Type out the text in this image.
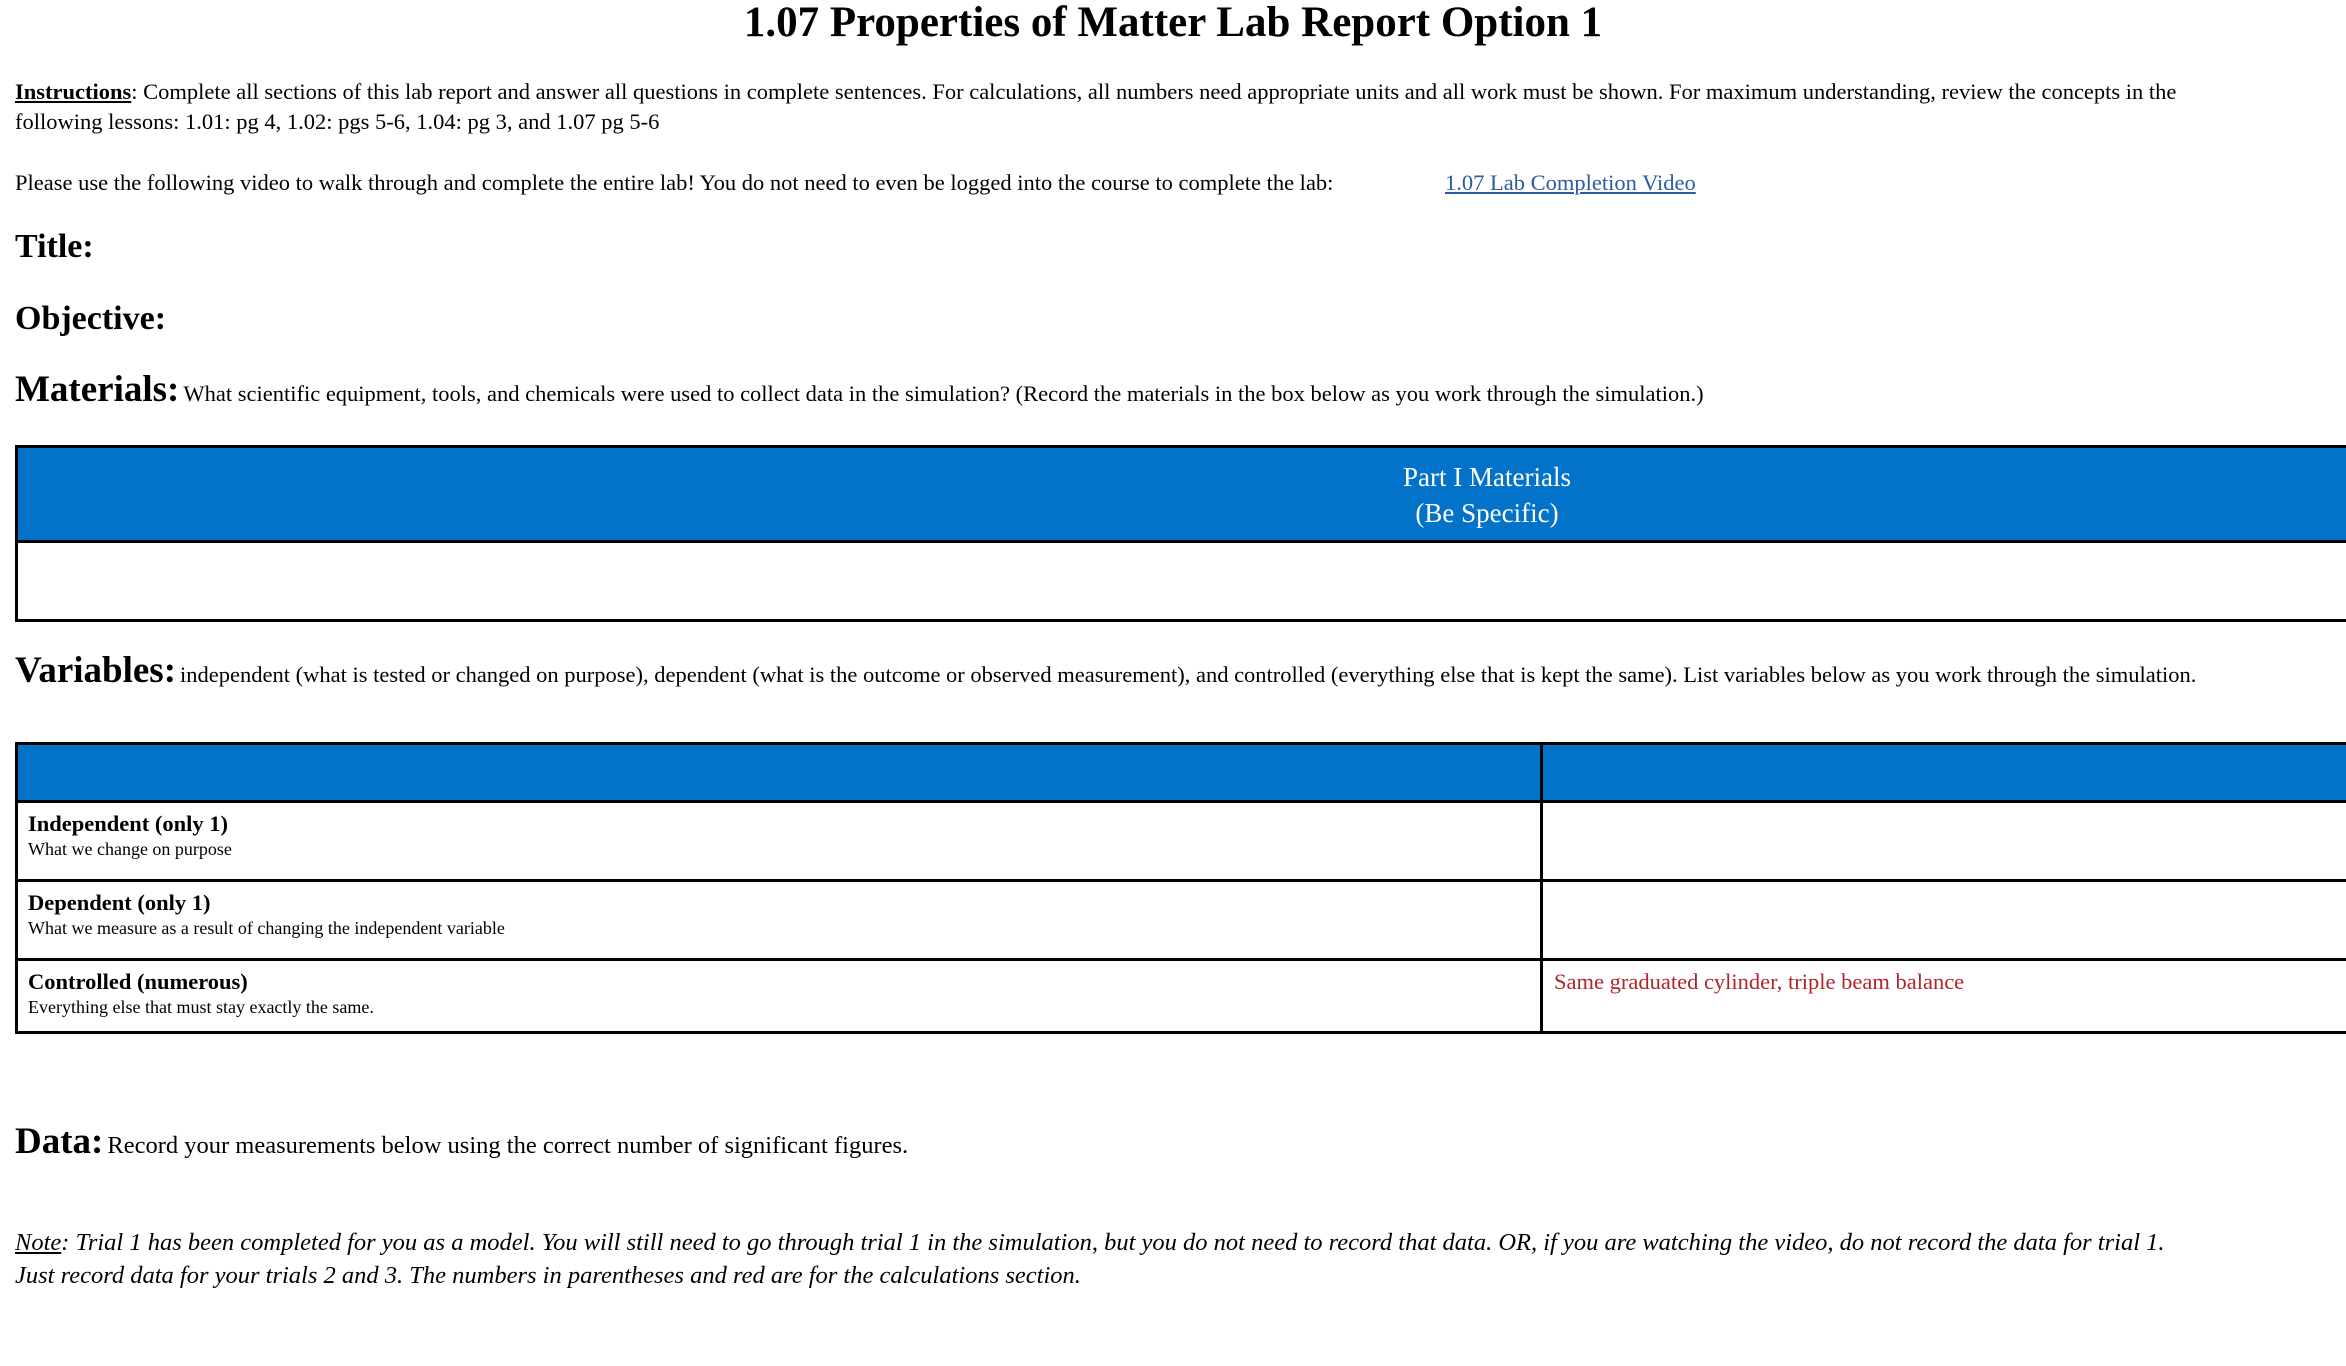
1.07 Properties of Matter Lab Report Option 1
Instructions: Complete all sections of this lab report and answer all questions in complete sentences. For calculations, all numbers need appropriate units and all work must be shown. For maximum understanding, review the concepts in the
following lessons: 1.01: pg 4, 1.02: pgs 5-6, 1.04: pg 3, and 1.07 pg 5-6
Please use the following video to walk through and complete the entire lab! You do not need to even be logged into the course to complete the lab:	1.07 Lab Completion Video
Title:
Objective:
Materials: What scientific equipment, tools, and chemicals were used to collect data in the simulation? (Record the materials in the box below as you work through the simulation.)
Part I Materials
(Be Specific)
Variables: independent (what is tested or changed on purpose), dependent (what is the outcome or observed measurement), and controlled (everything else that is kept the same). List variables below as you work through the simulation.
Independent (only 1)
What we change on purpose
Dependent (only 1)
What we measure as a result of changing the independent variable
Controlled (numerous)
Everything else that must stay exactly the same.
Same graduated cylinder, triple beam balance
Data: Record your measurements below using the correct number of significant figures.
Note: Trial 1 has been completed for you as a model. You will still need to go through trial 1 in the simulation, but you do not need to record that data. OR, if you are watching the video, do not record the data for trial 1.
Just record data for your trials 2 and 3. The numbers in parentheses and red are for the calculations section.
